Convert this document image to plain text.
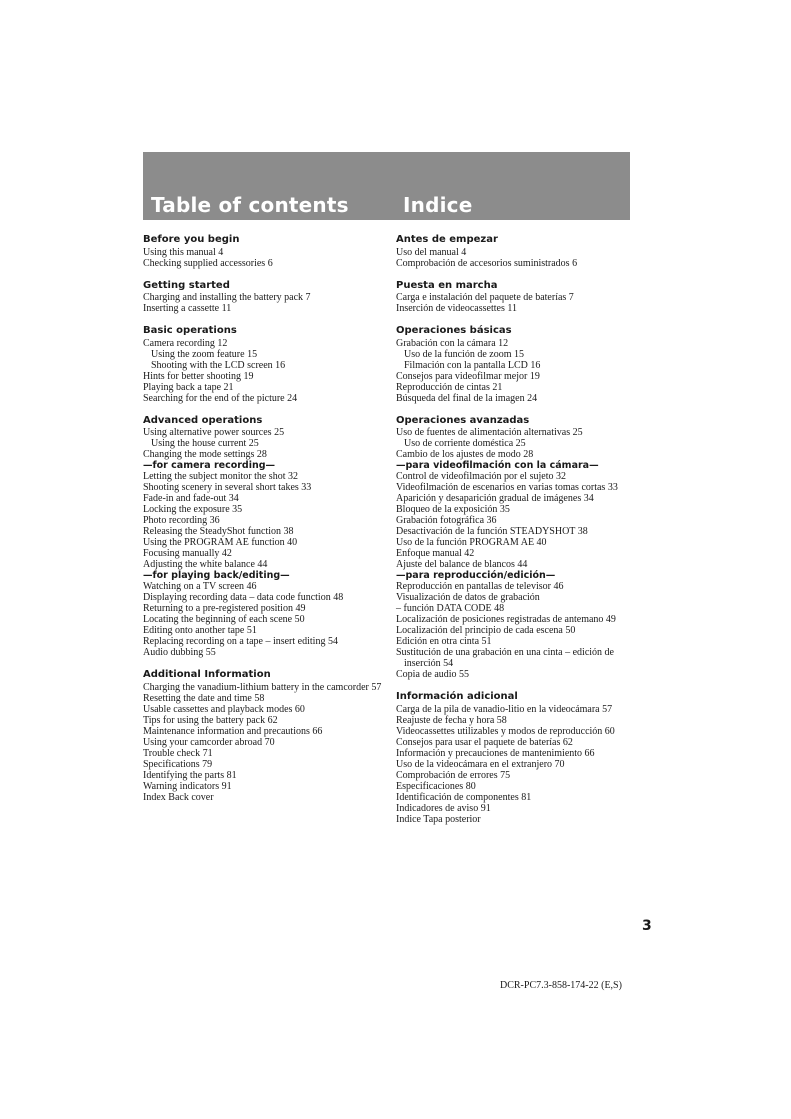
Table of contents	Indice
Before you begin
Using this manual 4
Checking supplied accessories 6
Getting started
Charging and installing the battery pack 7
Inserting a cassette 11
Basic operations
Camera recording 12
Using the zoom feature 15
Shooting with the LCD screen 16
Hints for better shooting 19
Playing back a tape 21
Searching for the end of the picture 24
Advanced operations
Using alternative power sources 25
Using the house current 25
Changing the mode settings 28
—for camera recording—
Letting the subject monitor the shot 32
Shooting scenery in several short takes 33
Fade-in and fade-out 34
Locking the exposure 35
Photo recording 36
Releasing the SteadyShot function 38
Using the PROGRAM AE function 40
Focusing manually 42
Adjusting the white balance 44
—for playing back/editing—
Watching on a TV screen 46
Displaying recording data – data code function 48
Returning to a pre-registered position 49
Locating the beginning of each scene 50
Editing onto another tape 51
Replacing recording on a tape – insert editing 54
Audio dubbing 55
Additional Information
Charging the vanadium-lithium battery in the camcorder 57
Resetting the date and time 58
Usable cassettes and playback modes 60
Tips for using the battery pack 62
Maintenance information and precautions 66
Using your camcorder abroad 70
Trouble check 71
Specifications 79
Identifying the parts 81
Warning indicators 91
Index Back cover
Antes de empezar
Uso del manual 4
Comprobación de accesorios suministrados 6
Puesta en marcha
Carga e instalación del paquete de baterías 7
Inserción de videocassettes 11
Operaciones básicas
Grabación con la cámara 12
Uso de la función de zoom 15
Filmación con la pantalla LCD 16
Consejos para videofilmar mejor 19
Reproducción de cintas 21
Búsqueda del final de la imagen 24
Operaciones avanzadas
Uso de fuentes de alimentación alternativas 25
Uso de corriente doméstica 25
Cambio de los ajustes de modo 28
—para videofilmación con la cámara—
Control de videofilmación por el sujeto 32
Videofilmación de escenarios en varias tomas cortas 33
Aparición y desaparición gradual de imágenes 34
Bloqueo de la exposición 35
Grabación fotográfica 36
Desactivación de la función STEADYSHOT 38
Uso de la función PROGRAM AE 40
Enfoque manual 42
Ajuste del balance de blancos 44
—para reproducción/edición—
Reproducción en pantallas de televisor 46
Visualización de datos de grabación
– función DATA CODE 48
Localización de posiciones registradas de antemano 49
Localización del principio de cada escena 50
Edición en otra cinta 51
Sustitución de una grabación en una cinta – edición de inserción 54
Copia de audio 55
Información adicional
Carga de la pila de vanadio-litio en la videocámara 57
Reajuste de fecha y hora 58
Videocassettes utilizables y modos de reproducción 60
Consejos para usar el paquete de baterías 62
Información y precauciones de mantenimiento 66
Uso de la videocámara en el extranjero 70
Comprobación de errores 75
Especificaciones 80
Identificación de componentes 81
Indicadores de aviso 91
Indice Tapa posterior
3
DCR-PC7.3-858-174-22 (E,S)
